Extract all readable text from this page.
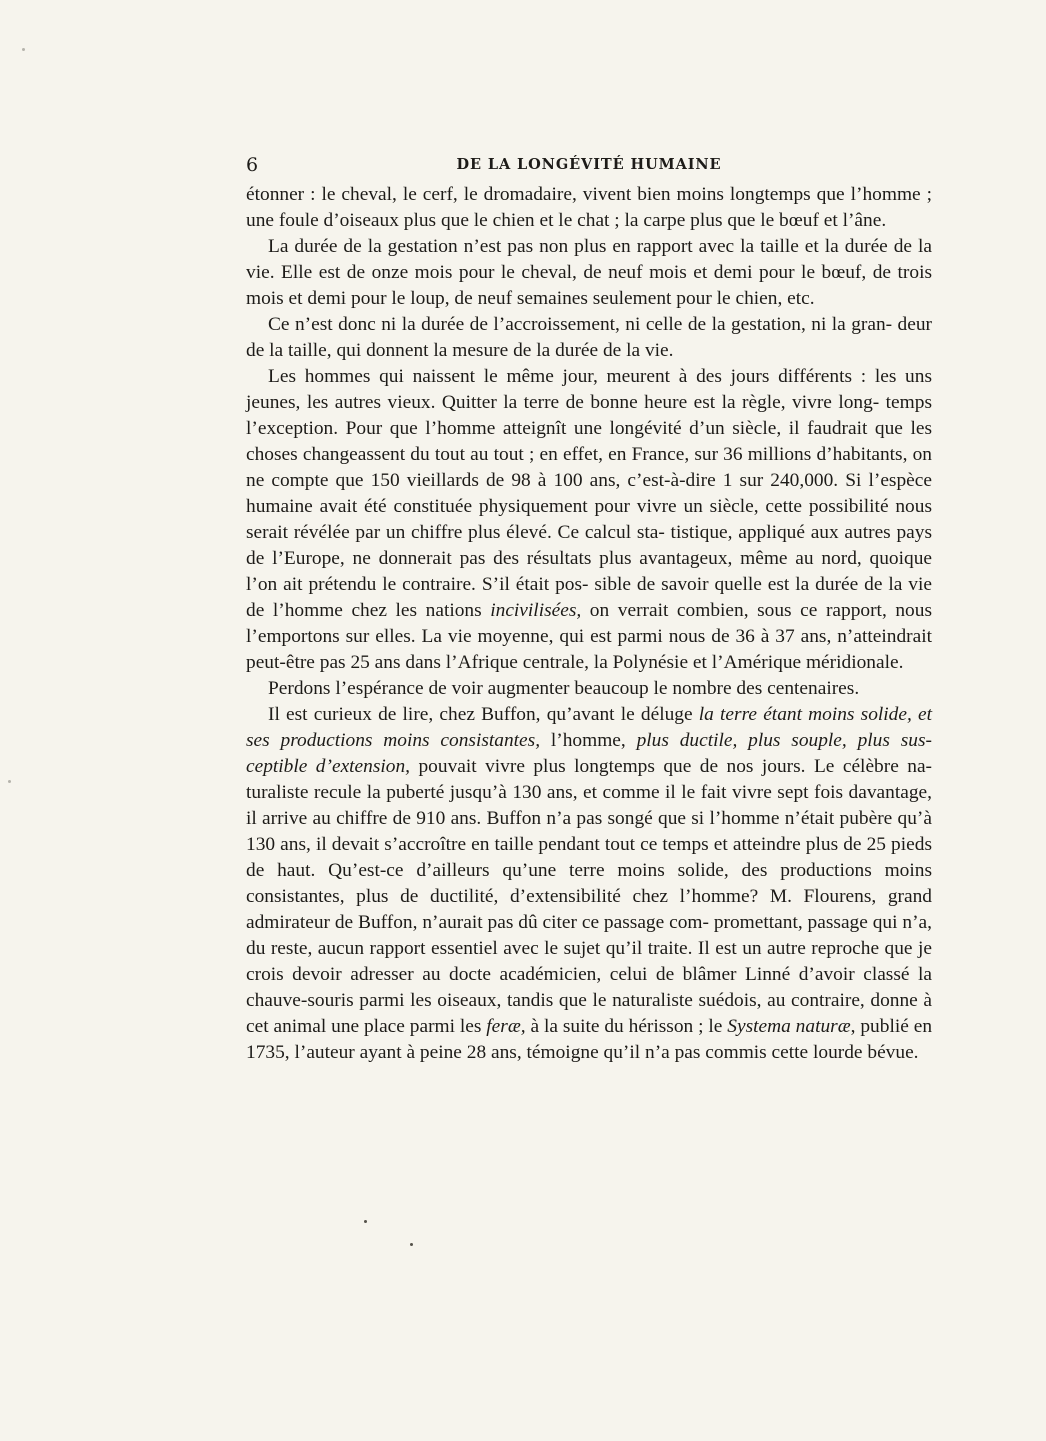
6	DE LA LONGÉVITÉ HUMAINE

étonner : le cheval, le cerf, le dromadaire, vivent bien moins longtemps que l’homme ; une foule d’oiseaux plus que le chien et le chat ; la carpe plus que le bœuf et l’âne.

La durée de la gestation n’est pas non plus en rapport avec la taille et la durée de la vie. Elle est de onze mois pour le cheval, de neuf mois et demi pour le bœuf, de trois mois et demi pour le loup, de neuf semaines seulement pour le chien, etc.

Ce n’est donc ni la durée de l’accroissement, ni celle de la gestation, ni la gran- deur de la taille, qui donnent la mesure de la durée de la vie.

Les hommes qui naissent le même jour, meurent à des jours différents : les uns jeunes, les autres vieux. Quitter la terre de bonne heure est la règle, vivre long- temps l’exception. Pour que l’homme atteignît une longévité d’un siècle, il faudrait que les choses changeassent du tout au tout ; en effet, en France, sur 36 millions d’habitants, on ne compte que 150 vieillards de 98 à 100 ans, c’est-à-dire 1 sur 240,000. Si l’espèce humaine avait été constituée physiquement pour vivre un siècle, cette possibilité nous serait révélée par un chiffre plus élevé. Ce calcul sta- tistique, appliqué aux autres pays de l’Europe, ne donnerait pas des résultats plus avantageux, même au nord, quoique l’on ait prétendu le contraire. S’il était pos- sible de savoir quelle est la durée de la vie de l’homme chez les nations incivilisées, on verrait combien, sous ce rapport, nous l’emportons sur elles. La vie moyenne, qui est parmi nous de 36 à 37 ans, n’atteindrait peut-être pas 25 ans dans l’Afrique centrale, la Polynésie et l’Amérique méridionale.

Perdons l’espérance de voir augmenter beaucoup le nombre des centenaires.

Il est curieux de lire, chez Buffon, qu’avant le déluge la terre étant moins solide, et ses productions moins consistantes, l’homme, plus ductile, plus souple, plus sus- ceptible d’extension, pouvait vivre plus longtemps que de nos jours. Le célèbre na- turaliste recule la puberté jusqu’à 130 ans, et comme il le fait vivre sept fois davantage, il arrive au chiffre de 910 ans. Buffon n’a pas songé que si l’homme n’était pubère qu’à 130 ans, il devait s’accroître en taille pendant tout ce temps et atteindre plus de 25 pieds de haut. Qu’est-ce d’ailleurs qu’une terre moins solide, des productions moins consistantes, plus de ductilité, d’extensibilité chez l’homme? M. Flourens, grand admirateur de Buffon, n’aurait pas dû citer ce passage com- promettant, passage qui n’a, du reste, aucun rapport essentiel avec le sujet qu’il traite. Il est un autre reproche que je crois devoir adresser au docte académicien, celui de blâmer Linné d’avoir classé la chauve-souris parmi les oiseaux, tandis que le naturaliste suédois, au contraire, donne à cet animal une place parmi les feræ, à la suite du hérisson ; le Systema naturæ, publié en 1735, l’auteur ayant à peine 28 ans, témoigne qu’il n’a pas commis cette lourde bévue.
